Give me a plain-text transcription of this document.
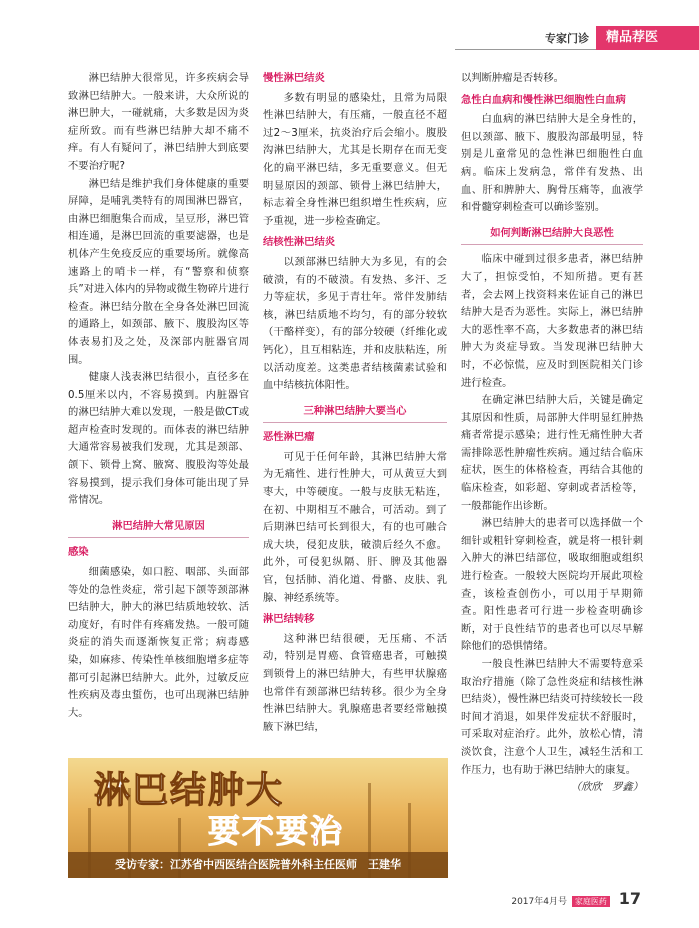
专家门诊	精品荐医

淋巴结肿大很常见，许多疾病会导致淋巴结肿大。一般来讲，大众所说的淋巴肿大，一碰就痛，大多数是因为炎症所致。而有些淋巴结肿大却不痛不痒。有人有疑问了，淋巴结肿大到底要不要治疗呢?

淋巴结是维护我们身体健康的重要屏障，是哺乳类特有的周围淋巴器官，由淋巴细胞集合而成，呈豆形，淋巴管相连通，是淋巴回流的重要滤器，也是机体产生免疫反应的重要场所。就像高速路上的哨卡一样，有“警察和侦察兵”对进入体内的异物或微生物碎片进行检查。淋巴结分散在全身各处淋巴回流的通路上，如颈部、腋下、腹股沟区等体表易扪及之处，及深部内脏器官周围。

健康人浅表淋巴结很小，直径多在0.5厘米以内，不容易摸到。内脏器官的淋巴结肿大难以发现，一般是做CT或超声检查时发现的。而体表的淋巴结肿大通常容易被我们发现，尤其是颈部、颌下、锁骨上窝、腋窝、腹股沟等处最容易摸到，提示我们身体可能出现了异常情况。

淋巴结肿大常见原因
感染

细菌感染，如口腔、咽部、头面部等处的急性炎症，常引起下颌等颈部淋巴结肿大，肿大的淋巴结质地较软、活动度好，有时伴有疼痛发热。一般可随炎症的消失而逐渐恢复正常；病毒感染，如麻疹、传染性单核细胞增多症等都可引起淋巴结肿大。此外，过敏反应性疾病及毒虫蜇伤，也可出现淋巴结肿大。

慢性淋巴结炎

多数有明显的感染灶，且常为局限性淋巴结肿大，有压痛，一般直径不超过2～3厘米，抗炎治疗后会缩小。腹股沟淋巴结肿大，尤其是长期存在而无变化的扁平淋巴结，多无重要意义。但无明显原因的颈部、锁骨上淋巴结肿大，标志着全身性淋巴组织增生性疾病，应予重视，进一步检查确定。

结核性淋巴结炎

以颈部淋巴结肿大为多见，有的会破溃，有的不破溃。有发热、多汗、乏力等症状，多见于青壮年。常伴发肺结核，淋巴结质地不均匀，有的部分较软（干酪样变），有的部分较硬（纤维化或钙化），且互相粘连，并和皮肤粘连，所以活动度差。这类患者结核菌素试验和血中结核抗体阳性。

三种淋巴结肿大要当心
恶性淋巴瘤

可见于任何年龄，其淋巴结肿大常为无痛性、进行性肿大，可从黄豆大到枣大，中等硬度。一般与皮肤无粘连，在初、中期相互不融合，可活动。到了后期淋巴结可长到很大，有的也可融合成大块，侵犯皮肤，破溃后经久不愈。此外，可侵犯纵隔、肝、脾及其他器官，包括肺、消化道、骨骼、皮肤、乳腺、神经系统等。

淋巴结转移

这种淋巴结很硬，无压痛、不活动，特别是胃癌、食管癌患者，可触摸到锁骨上的淋巴结肿大，有些甲状腺癌也常伴有颈部淋巴结转移。很少为全身性淋巴结肿大。乳腺癌患者要经常触摸腋下淋巴结，

以判断肿瘤是否转移。

急性白血病和慢性淋巴细胞性白血病

白血病的淋巴结肿大是全身性的，但以颈部、腋下、腹股沟部最明显，特别是儿童常见的急性淋巴细胞性白血病。临床上发病急，常伴有发热、出血、肝和脾肿大、胸骨压痛等，血液学和骨髓穿刺检查可以确诊鉴别。

如何判断淋巴结肿大良恶性

临床中碰到过很多患者，淋巴结肿大了，担惊受怕，不知所措。更有甚者，会去网上找资料来佐证自己的淋巴结肿大是否为恶性。实际上，淋巴结肿大的恶性率不高，大多数患者的淋巴结肿大为炎症导致。当发现淋巴结肿大时，不必惊慌，应及时到医院相关门诊进行检查。

在确定淋巴结肿大后，关键是确定其原因和性质，局部肿大伴明显红肿热痛者常提示感染；进行性无痛性肿大者需排除恶性肿瘤性疾病。通过结合临床症状，医生的体格检查，再结合其他的临床检查，如彩超、穿刺或者活检等，一般都能作出诊断。

淋巴结肿大的患者可以选择做一个细针或粗针穿刺检查，就是将一根针刺入肿大的淋巴结部位，吸取细胞或组织进行检查。一般较大医院均开展此项检查，该检查创伤小，可以用于早期筛查。阳性患者可行进一步检查明确诊断，对于良性结节的患者也可以尽早解除他们的恐惧情绪。

一般良性淋巴结肿大不需要特意采取治疗措施（除了急性炎症和结核性淋巴结炎），慢性淋巴结炎可持续较长一段时间才消退，如果伴发症状不舒服时，可采取对症治疗。此外，放松心情，清淡饮食，注意个人卫生，减轻生活和工作压力，也有助于淋巴结肿大的康复。

（欣欣　罗鑫）
淋巴结肿大
要不要治
受访专家：江苏省中西医结合医院普外科主任医师　王建华
2017年4月号 家庭医药 17
